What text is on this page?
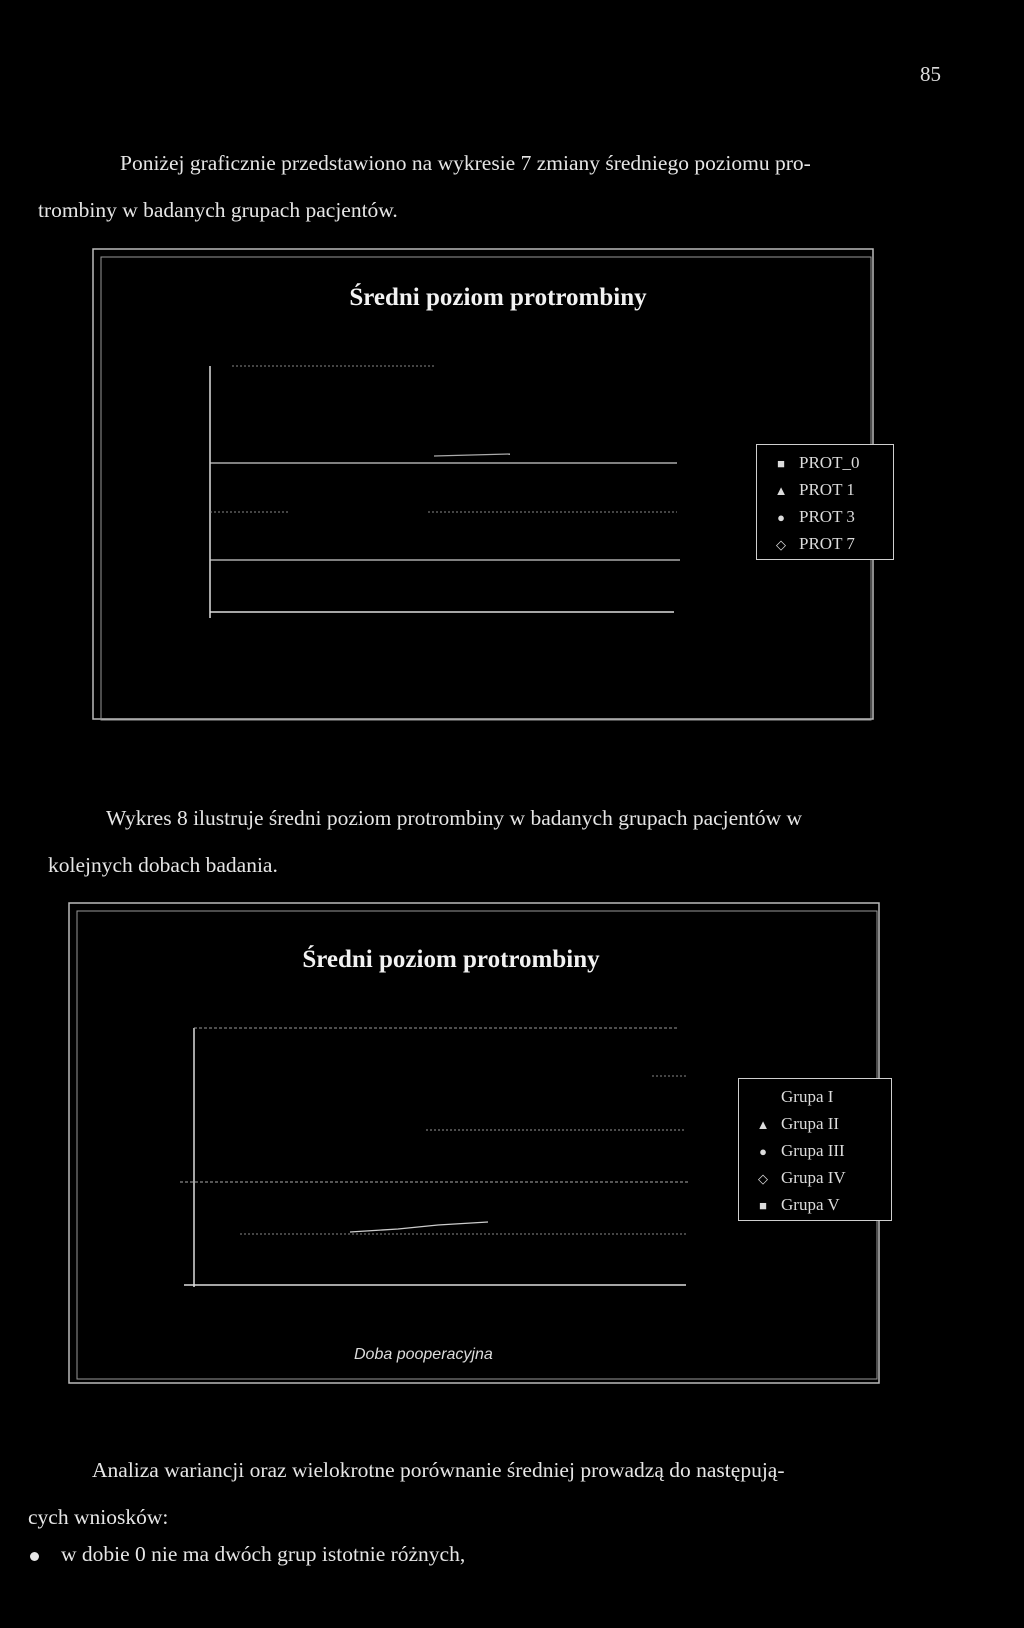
85

Poniżej graficznie przedstawiono na wykresie 7 zmiany średniego poziomu pro-
trombiny w badanych grupach pacjentów.

Średni poziom protrombiny
■ PROT_0
▲ PROT 1
● PROT 3
◇ PROT 7

Wykres 8 ilustruje średni poziom protrombiny w badanych grupach pacjentów w
kolejnych dobach badania.

Średni poziom protrombiny
Grupa I
▲ Grupa II
● Grupa III
◇ Grupa IV
■ Grupa V
Doba pooperacyjna

Analiza wariancji oraz wielokrotne porównanie średniej prowadzą do następują-
cych wniosków:

w dobie 0 nie ma dwóch grup istotnie różnych,
